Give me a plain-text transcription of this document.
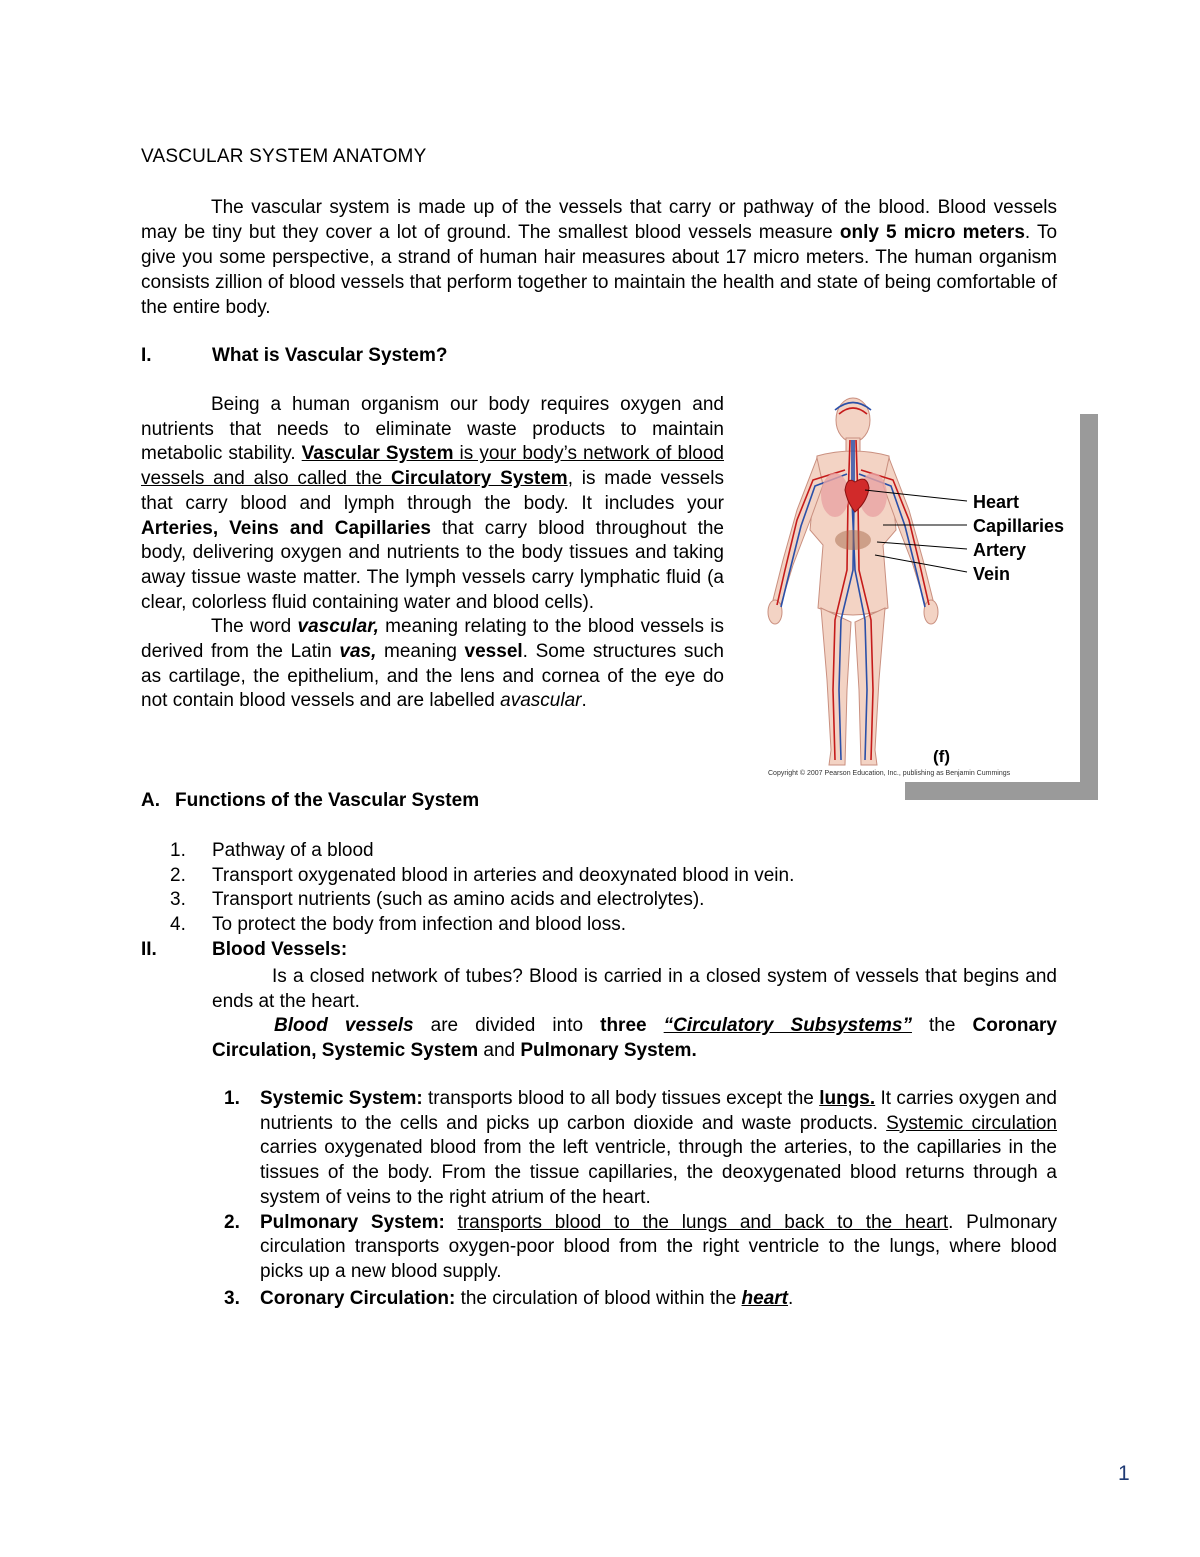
VASCULAR SYSTEM ANATOMY
The vascular system is made up of the vessels that carry or pathway of the blood. Blood vessels may be tiny but they cover a lot of ground. The smallest blood vessels measure only 5 micro meters. To give you some perspective, a strand of human hair measures about 17 micro meters. The human organism consists zillion of blood vessels that perform together to maintain the health and state of being comfortable of the entire body.
I.	What is Vascular System?

Being a human organism our body requires oxygen and nutrients that needs to eliminate waste products to maintain metabolic stability. Vascular System is your body’s network of blood vessels and also called the Circulatory System, is made vessels that carry blood and lymph through the body. It includes your Arteries, Veins and Capillaries that carry blood throughout the body, delivering oxygen and nutrients to the body tissues and taking away tissue waste matter. The lymph vessels carry lymphatic fluid (a clear, colorless fluid containing water and blood cells).

The word vascular, meaning relating to the blood vessels is derived from the Latin vas, meaning vessel. Some structures such as cartilage, the epithelium, and the lens and cornea of the eye do not contain blood vessels and are labelled avascular.

Heart
Capillaries
Artery
Vein
(f)
Copyright © 2007 Pearson Education, Inc., publishing as Benjamin Cummings
A. Functions of the Vascular System
1.	Pathway of a blood
2.	Transport oxygenated blood in arteries and deoxynated blood in vein.
3.	Transport nutrients (such as amino acids and electrolytes).
4.	To protect the body from infection and blood loss.
II.	Blood Vessels:
Is a closed network of tubes? Blood is carried in a closed system of vessels that begins and ends at the heart.
Blood vessels are divided into three “Circulatory Subsystems” the Coronary Circulation, Systemic System and Pulmonary System.
1. Systemic System: transports blood to all body tissues except the lungs. It carries oxygen and nutrients to the cells and picks up carbon dioxide and waste products. Systemic circulation carries oxygenated blood from the left ventricle, through the arteries, to the capillaries in the tissues of the body. From the tissue capillaries, the deoxygenated blood returns through a system of veins to the right atrium of the heart.
2. Pulmonary System: transports blood to the lungs and back to the heart. Pulmonary circulation transports oxygen-poor blood from the right ventricle to the lungs, where blood picks up a new blood supply.
3. Coronary Circulation: the circulation of blood within the heart.
1
